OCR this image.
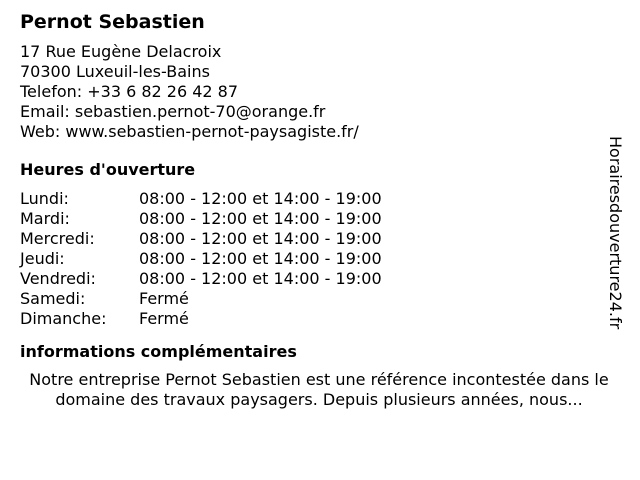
Pernot Sebastien
17 Rue Eugène Delacroix
70300 Luxeuil-les-Bains
Telefon: +33 6 82 26 42 87
Email: sebastien.pernot-70@orange.fr
Web: www.sebastien-pernot-paysagiste.fr/
Heures d'ouverture
Lundi:	08:00 - 12:00 et 14:00 - 19:00
Mardi:	08:00 - 12:00 et 14:00 - 19:00
Mercredi:	08:00 - 12:00 et 14:00 - 19:00
Jeudi:	08:00 - 12:00 et 14:00 - 19:00
Vendredi:	08:00 - 12:00 et 14:00 - 19:00
Samedi:	Fermé
Dimanche:	Fermé
informations complémentaires

Notre entreprise Pernot Sebastien est une référence incontestée dans le domaine des travaux paysagers. Depuis plusieurs années, nous...

Horairesdouverture24.fr
